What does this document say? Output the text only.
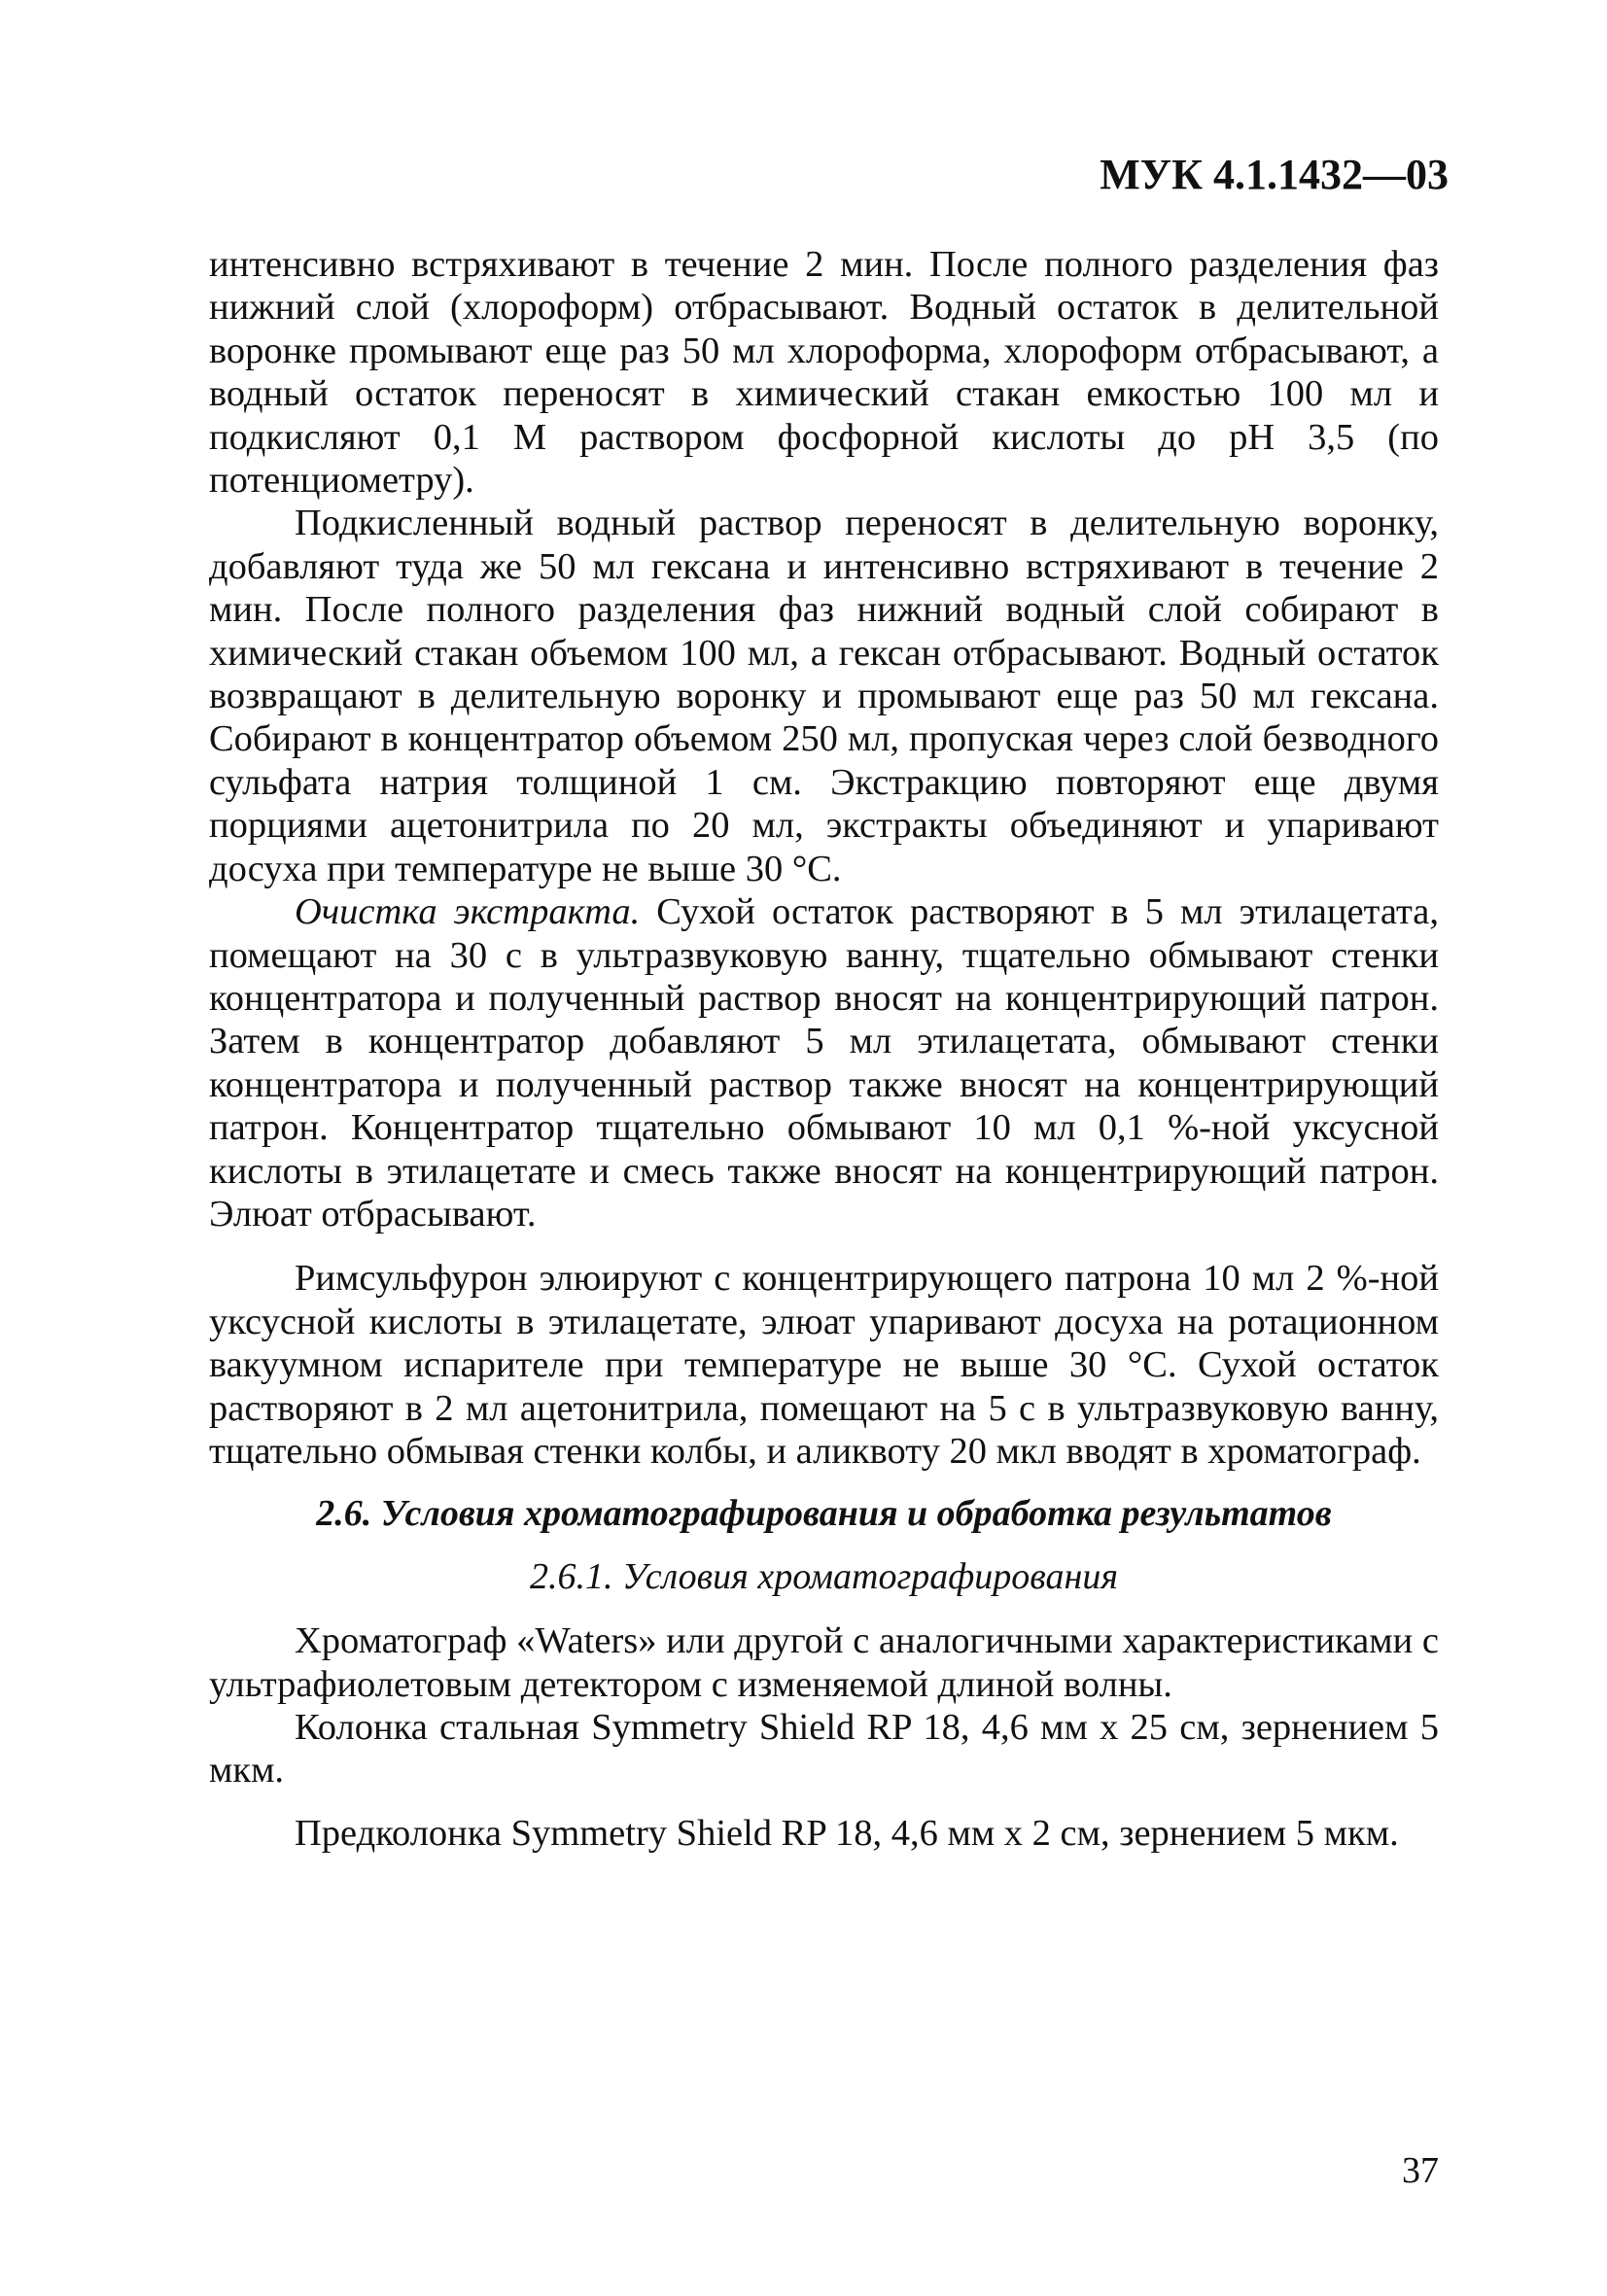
МУК 4.1.1432—03

интенсивно встряхивают в течение 2 мин. После полного разделения фаз нижний слой (хлороформ) отбрасывают. Водный остаток в делительной воронке промывают еще раз 50 мл хлороформа, хлороформ отбрасывают, а водный остаток переносят в химический стакан емкостью 100 мл и подкисляют 0,1 М раствором фосфорной кислоты до рН 3,5 (по потенциометру).

Подкисленный водный раствор переносят в делительную воронку, добавляют туда же 50 мл гексана и интенсивно встряхивают в течение 2 мин. После полного разделения фаз нижний водный слой собирают в химический стакан объемом 100 мл, а гексан отбрасывают. Водный остаток возвращают в делительную воронку и промывают еще раз 50 мл гексана. Собирают в концентратор объемом 250 мл, пропуская через слой безводного сульфата натрия толщиной 1 см. Экстракцию повторяют еще двумя порциями ацетонитрила по 20 мл, экстракты объединяют и упаривают досуха при температуре не выше 30 °С.

Очистка экстракта. Сухой остаток растворяют в 5 мл этилацетата, помещают на 30 с в ультразвуковую ванну, тщательно обмывают стенки концентратора и полученный раствор вносят на концентрирующий патрон. Затем в концентратор добавляют 5 мл этилацетата, обмывают стенки концентратора и полученный раствор также вносят на концентрирующий патрон. Концентратор тщательно обмывают 10 мл 0,1 %-ной уксусной кислоты в этилацетате и смесь также вносят на концентрирующий патрон. Элюат отбрасывают.

Римсульфурон элюируют с концентрирующего патрона 10 мл 2 %-ной уксусной кислоты в этилацетате, элюат упаривают досуха на ротационном вакуумном испарителе при температуре не выше 30 °С. Сухой остаток растворяют в 2 мл ацетонитрила, помещают на 5 с в ультразвуковую ванну, тщательно обмывая стенки колбы, и аликвоту 20 мкл вводят в хроматограф.

2.6. Условия хроматографирования и обработка результатов

2.6.1. Условия хроматографирования

Хроматограф «Waters» или другой с аналогичными характеристиками с ультрафиолетовым детектором с изменяемой длиной волны.

Колонка стальная Symmetry Shield RP 18, 4,6 мм х 25 см, зернением 5 мкм.

Предколонка Symmetry Shield RP 18, 4,6 мм х 2 см, зернением 5 мкм.

37
